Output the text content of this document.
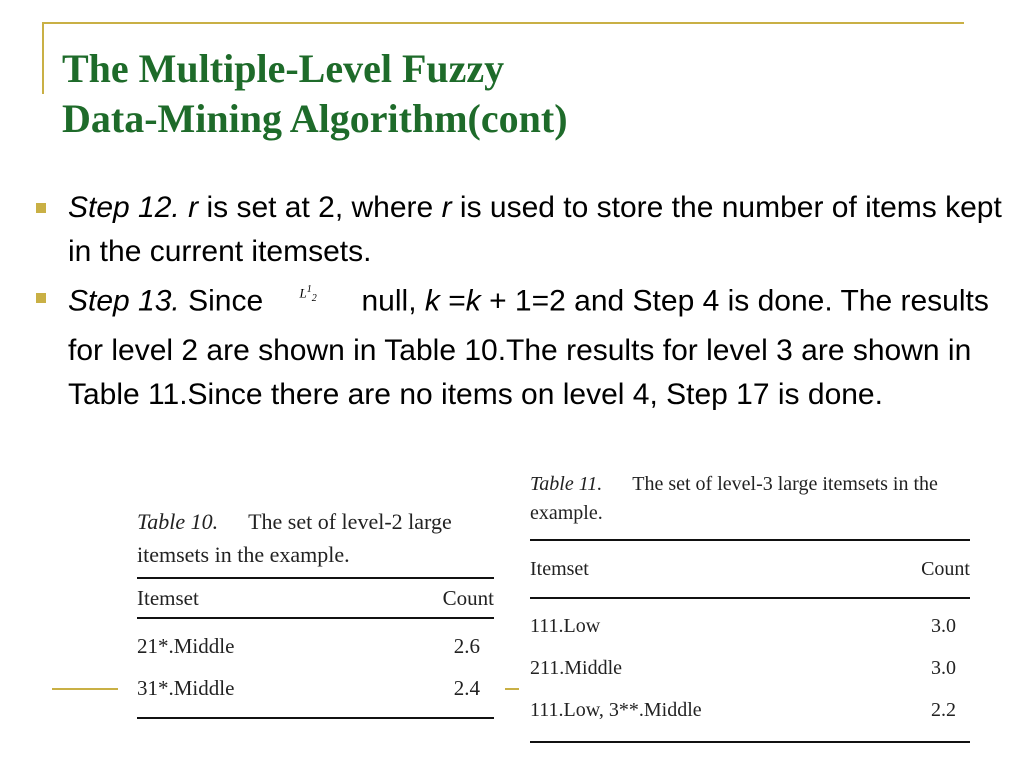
The Multiple-Level Fuzzy
Data-Mining Algorithm(cont)
Step 12. r is set at 2, where r is used to store the number of items kept in the current itemsets.
Step 13. Since	$L^1_2$ null, k =k + 1=2 and Step 4 is done. The results for level 2 are shown in Table 10.The results for level 3 are shown in Table 11.Since there are no items on level 4, Step 17 is done.
Table 10. The set of level-2 large itemsets in the example.
Itemset	Count
21*.Middle	2.6
31*.Middle	2.4
Table 11. The set of level-3 large itemsets in the example.
Itemset	Count
111.Low	3.0
211.Middle	3.0
111.Low, 3**.Middle	2.2
